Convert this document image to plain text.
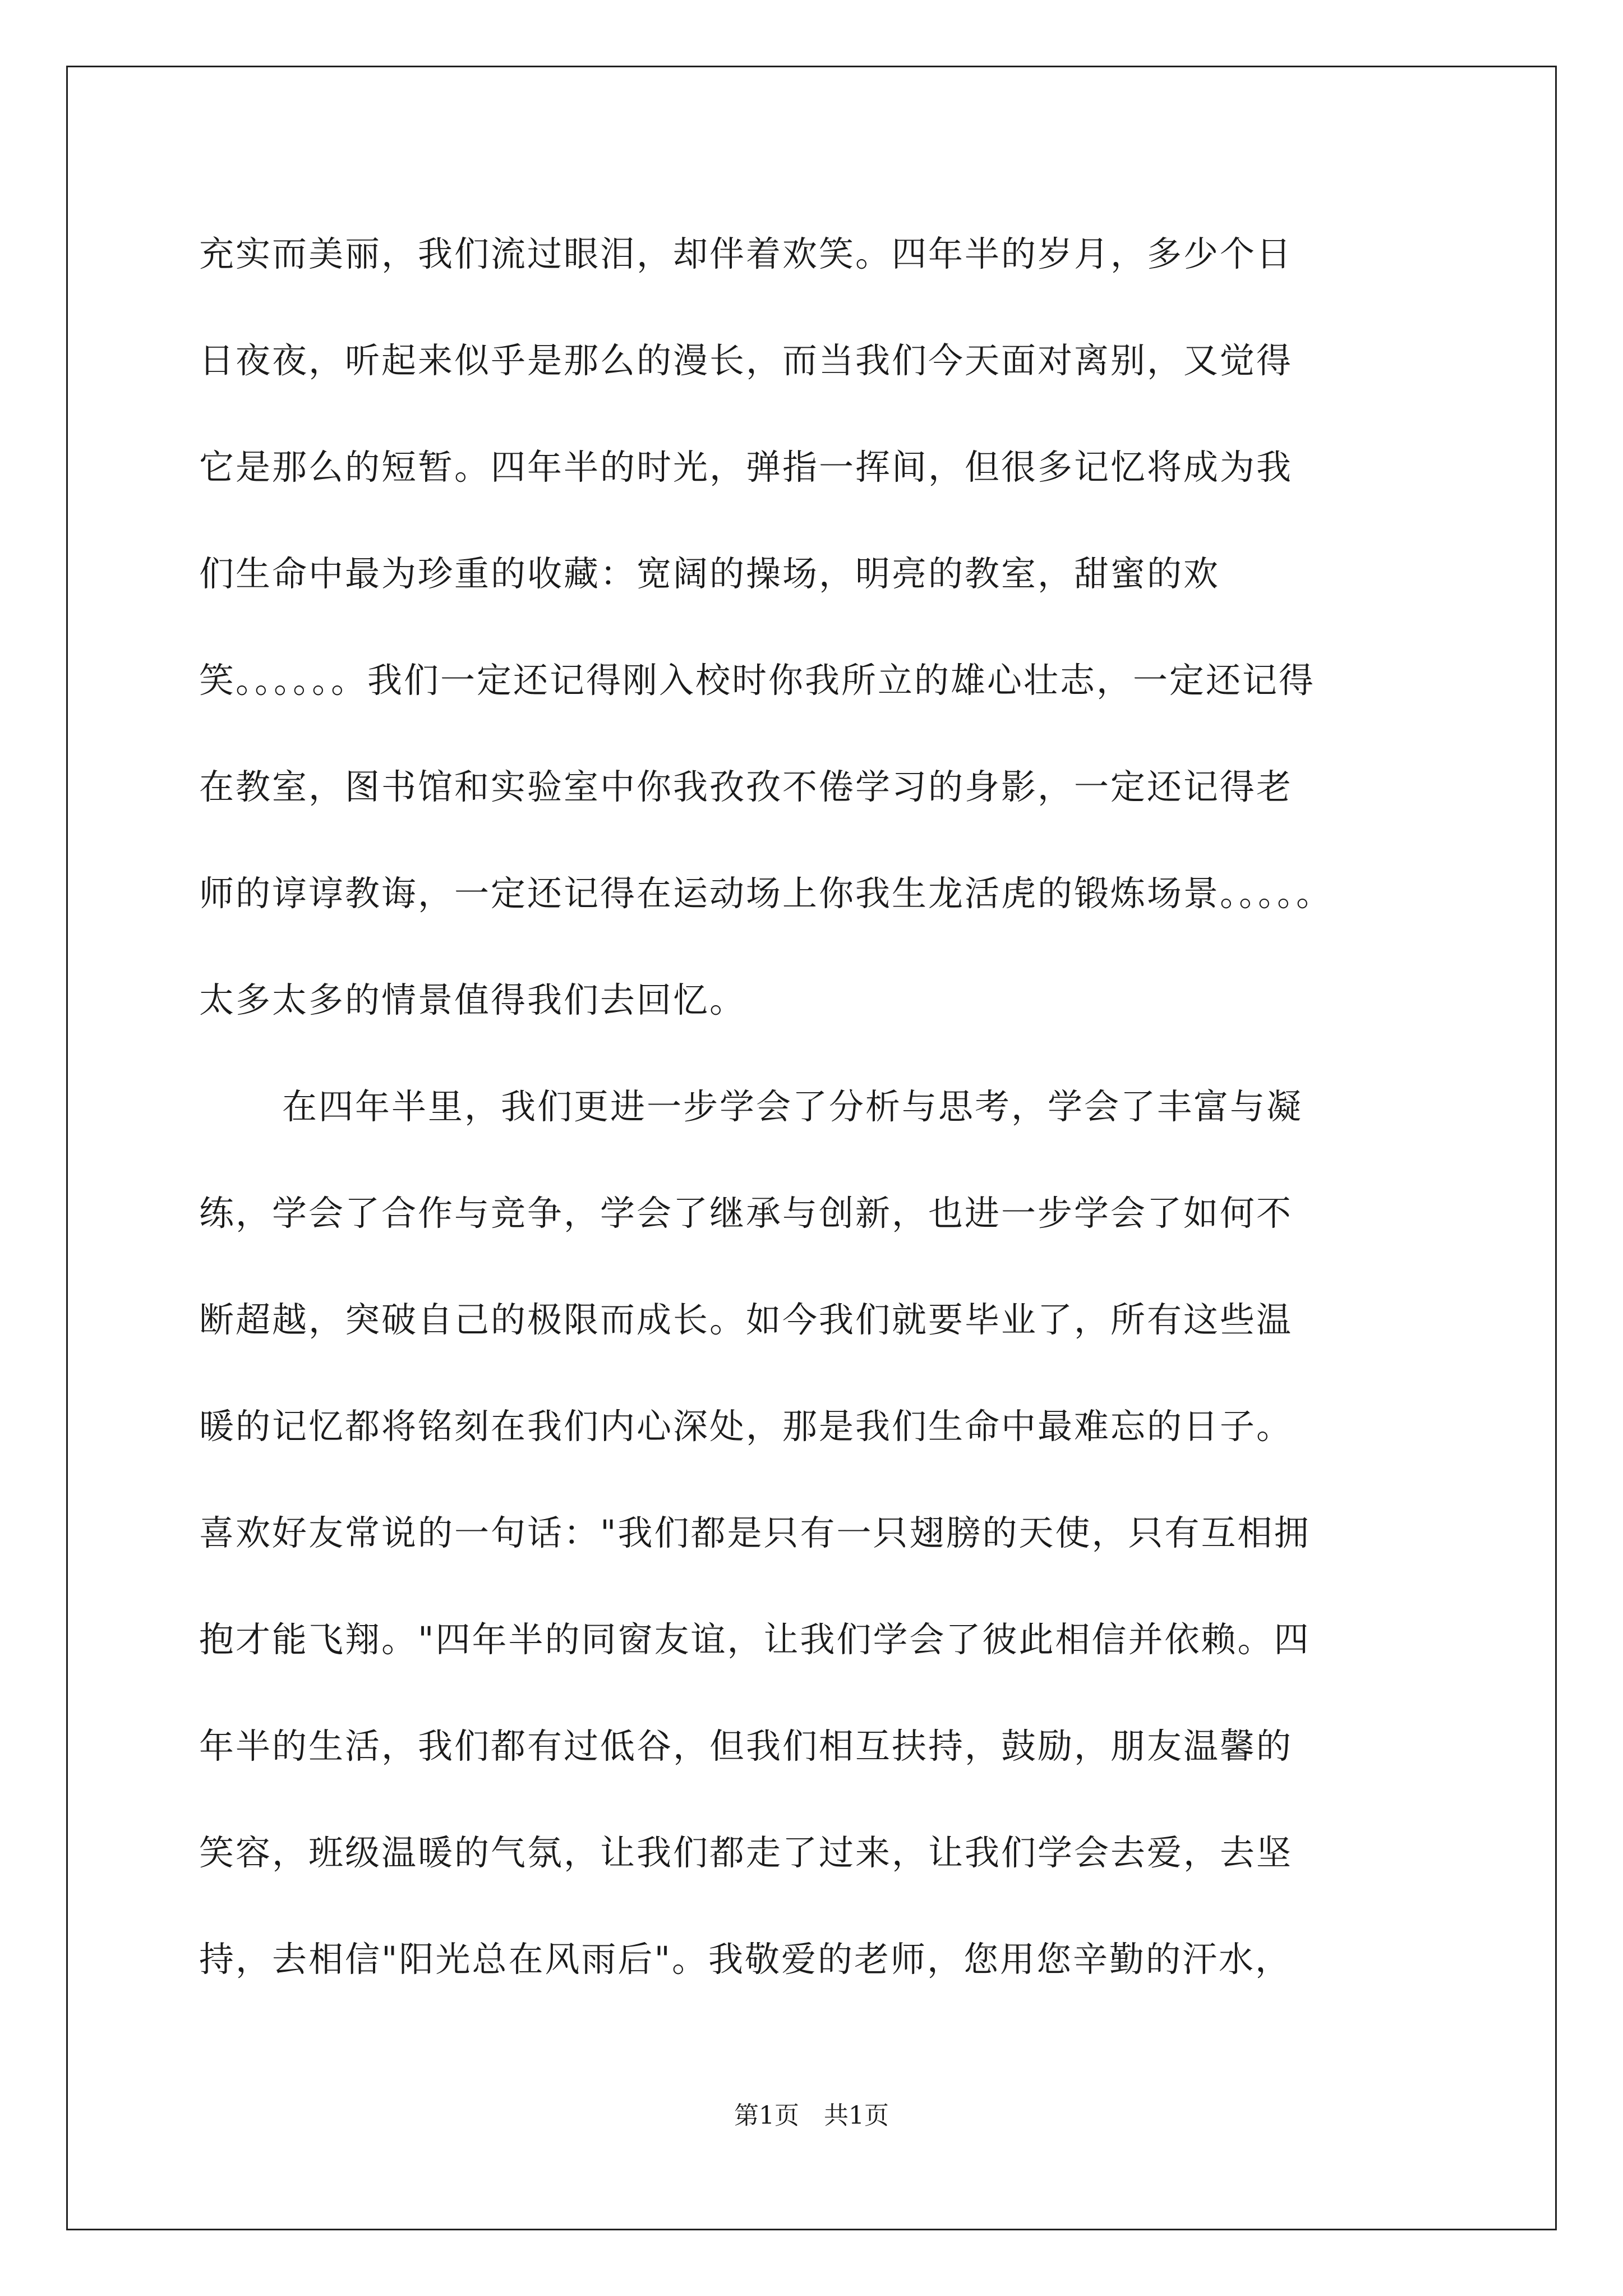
充实而美丽，我们流过眼泪，却伴着欢笑。四年半的岁月，多少个日
日夜夜，听起来似乎是那么的漫长，而当我们今天面对离别，又觉得
它是那么的短暂。四年半的时光，弹指一挥间，但很多记忆将成为我
们生命中最为珍重的收藏：宽阔的操场，明亮的教室，甜蜜的欢
笑。。。。。。我们一定还记得刚入校时你我所立的雄心壮志，一定还记得
在教室，图书馆和实验室中你我孜孜不倦学习的身影，一定还记得老
师的谆谆教诲，一定还记得在运动场上你我生龙活虎的锻炼场景。。。。。
太多太多的情景值得我们去回忆。
在四年半里，我们更进一步学会了分析与思考，学会了丰富与凝
练，学会了合作与竞争，学会了继承与创新，也进一步学会了如何不
断超越，突破自己的极限而成长。如今我们就要毕业了，所有这些温
暖的记忆都将铭刻在我们内心深处，那是我们生命中最难忘的日子。
喜欢好友常说的一句话："我们都是只有一只翅膀的天使，只有互相拥
抱才能飞翔。"四年半的同窗友谊，让我们学会了彼此相信并依赖。四
年半的生活，我们都有过低谷，但我们相互扶持，鼓励，朋友温馨的
笑容，班级温暖的气氛，让我们都走了过来，让我们学会去爱，去坚
持，去相信"阳光总在风雨后"。我敬爱的老师，您用您辛勤的汗水，
第1页　共1页
